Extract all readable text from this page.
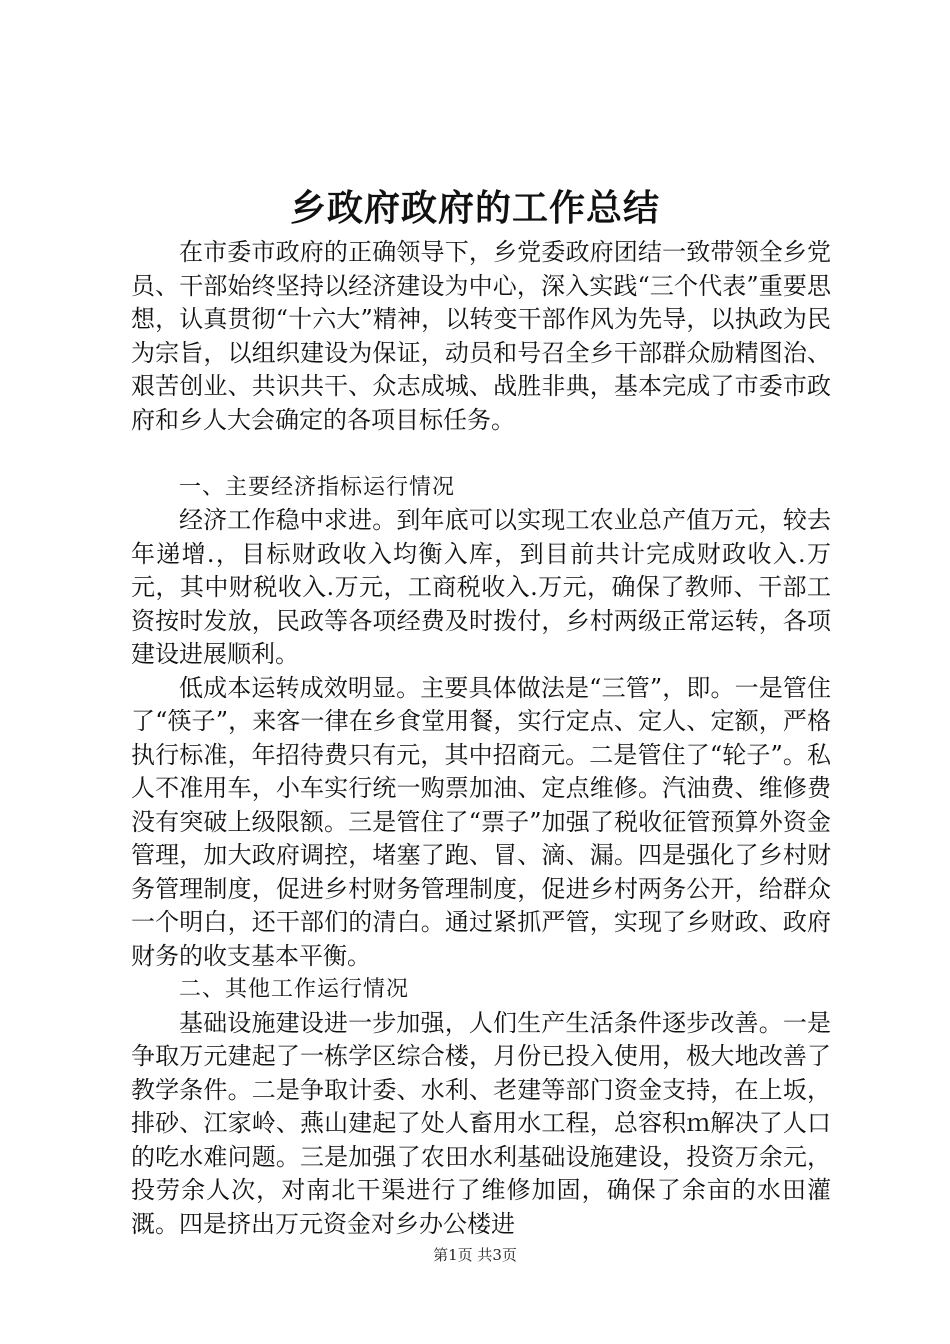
乡政府政府的工作总结

在市委市政府的正确领导下，乡党委政府团结一致带领全乡党员、干部始终坚持以经济建设为中心，深入实践“三个代表”重要思想，认真贯彻“十六大”精神，以转变干部作风为先导，以执政为民为宗旨，以组织建设为保证，动员和号召全乡干部群众励精图治、艰苦创业、共识共干、众志成城、战胜非典，基本完成了市委市政府和乡人大会确定的各项目标任务。

一、主要经济指标运行情况

经济工作稳中求进。到年底可以实现工农业总产值万元，较去年递增.，目标财政收入均衡入库，到目前共计完成财政收入.万元，其中财税收入.万元，工商税收入.万元，确保了教师、干部工资按时发放，民政等各项经费及时拨付，乡村两级正常运转，各项建设进展顺利。

低成本运转成效明显。主要具体做法是“三管”，即。一是管住了“筷子”，来客一律在乡食堂用餐，实行定点、定人、定额，严格执行标准，年招待费只有元，其中招商元。二是管住了“轮子”。私人不准用车，小车实行统一购票加油、定点维修。汽油费、维修费没有突破上级限额。三是管住了“票子”加强了税收征管预算外资金管理，加大政府调控，堵塞了跑、冒、滴、漏。四是强化了乡村财务管理制度，促进乡村财务管理制度，促进乡村两务公开，给群众一个明白，还干部们的清白。通过紧抓严管，实现了乡财政、政府财务的收支基本平衡。

二、其他工作运行情况

基础设施建设进一步加强，人们生产生活条件逐步改善。一是争取万元建起了一栋学区综合楼，月份已投入使用，极大地改善了教学条件。二是争取计委、水利、老建等部门资金支持，在上坂，排砂、江家岭、燕山建起了处人畜用水工程，总容积ｍ解决了人口的吃水难问题。三是加强了农田水利基础设施建设，投资万余元，投劳余人次，对南北干渠进行了维修加固，确保了余亩的水田灌溉。四是挤出万元资金对乡办公楼进

第1页 共3页
